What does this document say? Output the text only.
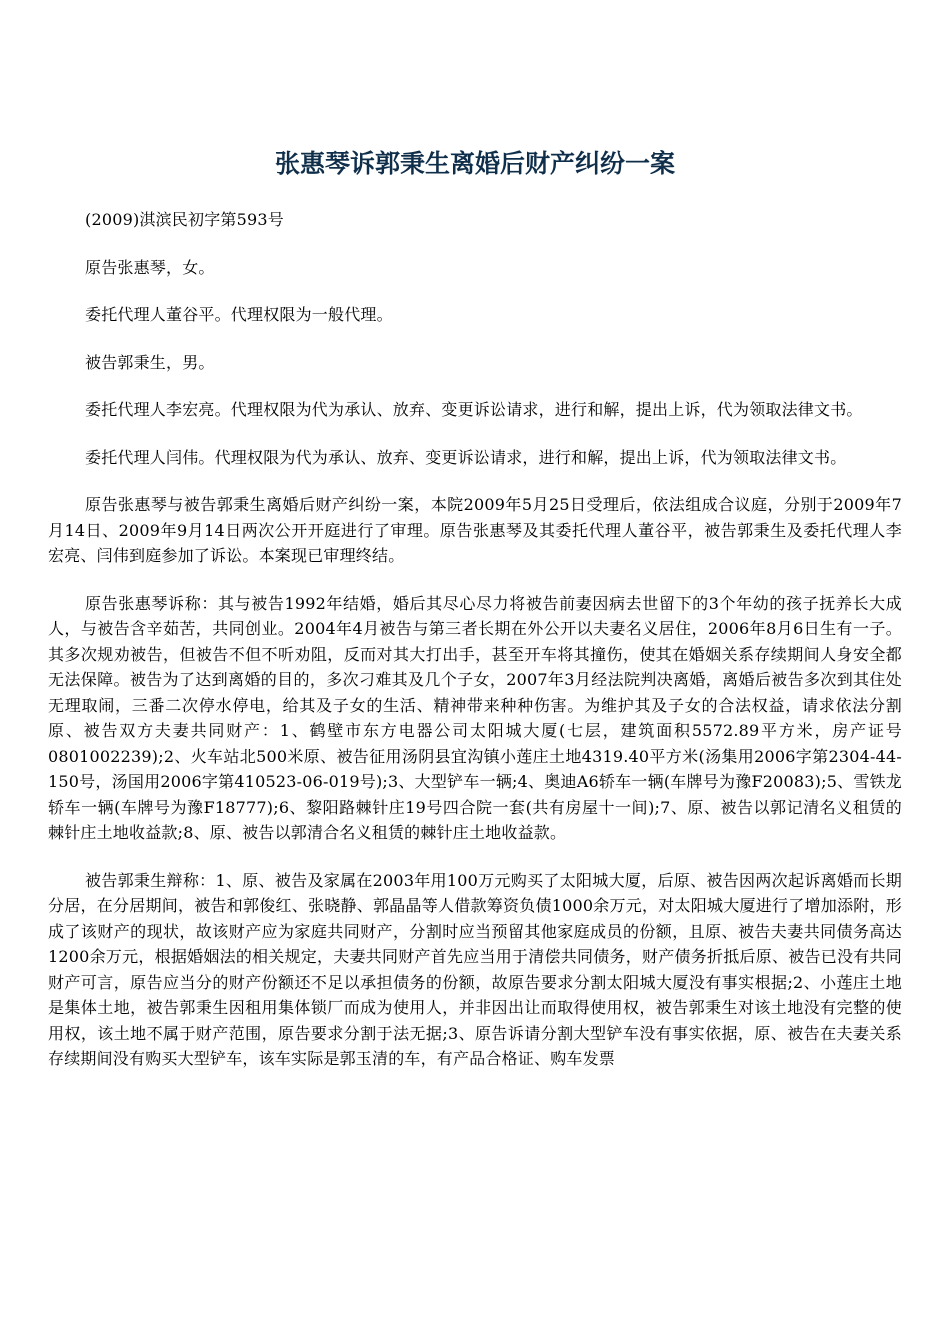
张惠琴诉郭秉生离婚后财产纠纷一案

(2009)淇滨民初字第593号

原告张惠琴，女。

委托代理人董谷平。代理权限为一般代理。

被告郭秉生，男。

委托代理人李宏亮。代理权限为代为承认、放弃、变更诉讼请求，进行和解，提出上诉，代为领取法律文书。

委托代理人闫伟。代理权限为代为承认、放弃、变更诉讼请求，进行和解，提出上诉，代为领取法律文书。

原告张惠琴与被告郭秉生离婚后财产纠纷一案，本院2009年5月25日受理后，依法组成合议庭，分别于2009年7月14日、2009年9月14日两次公开开庭进行了审理。原告张惠琴及其委托代理人董谷平，被告郭秉生及委托代理人李宏亮、闫伟到庭参加了诉讼。本案现已审理终结。

原告张惠琴诉称：其与被告1992年结婚，婚后其尽心尽力将被告前妻因病去世留下的3个年幼的孩子抚养长大成人，与被告含辛茹苦，共同创业。2004年4月被告与第三者长期在外公开以夫妻名义居住，2006年8月6日生有一子。其多次规劝被告，但被告不但不听劝阻，反而对其大打出手，甚至开车将其撞伤，使其在婚姻关系存续期间人身安全都无法保障。被告为了达到离婚的目的，多次刁难其及几个子女，2007年3月经法院判决离婚，离婚后被告多次到其住处无理取闹，三番二次停水停电，给其及子女的生活、精神带来种种伤害。为维护其及子女的合法权益，请求依法分割原、被告双方夫妻共同财产：1、鹤壁市东方电器公司太阳城大厦(七层，建筑面积5572.89平方米，房产证号0801002239);2、火车站北500米原、被告征用汤阴县宜沟镇小莲庄土地4319.40平方米(汤集用2006字第2304-44-150号，汤国用2006字第410523-06-019号);3、大型铲车一辆;4、奥迪A6轿车一辆(车牌号为豫F20083);5、雪铁龙轿车一辆(车牌号为豫F18777);6、黎阳路棘针庄19号四合院一套(共有房屋十一间);7、原、被告以郭记清名义租赁的棘针庄土地收益款;8、原、被告以郭清合名义租赁的棘针庄土地收益款。

被告郭秉生辩称：1、原、被告及家属在2003年用100万元购买了太阳城大厦，后原、被告因两次起诉离婚而长期分居，在分居期间，被告和郭俊红、张晓静、郭晶晶等人借款筹资负债1000余万元，对太阳城大厦进行了增加添附，形成了该财产的现状，故该财产应为家庭共同财产，分割时应当预留其他家庭成员的份额，且原、被告夫妻共同债务高达1200余万元，根据婚姻法的相关规定，夫妻共同财产首先应当用于清偿共同债务，财产债务折抵后原、被告已没有共同财产可言，原告应当分的财产份额还不足以承担债务的份额，故原告要求分割太阳城大厦没有事实根据;2、小莲庄土地是集体土地，被告郭秉生因租用集体锁厂而成为使用人，并非因出让而取得使用权，被告郭秉生对该土地没有完整的使用权，该土地不属于财产范围，原告要求分割于法无据;3、原告诉请分割大型铲车没有事实依据，原、被告在夫妻关系存续期间没有购买大型铲车，该车实际是郭玉清的车，有产品合格证、购车发票
